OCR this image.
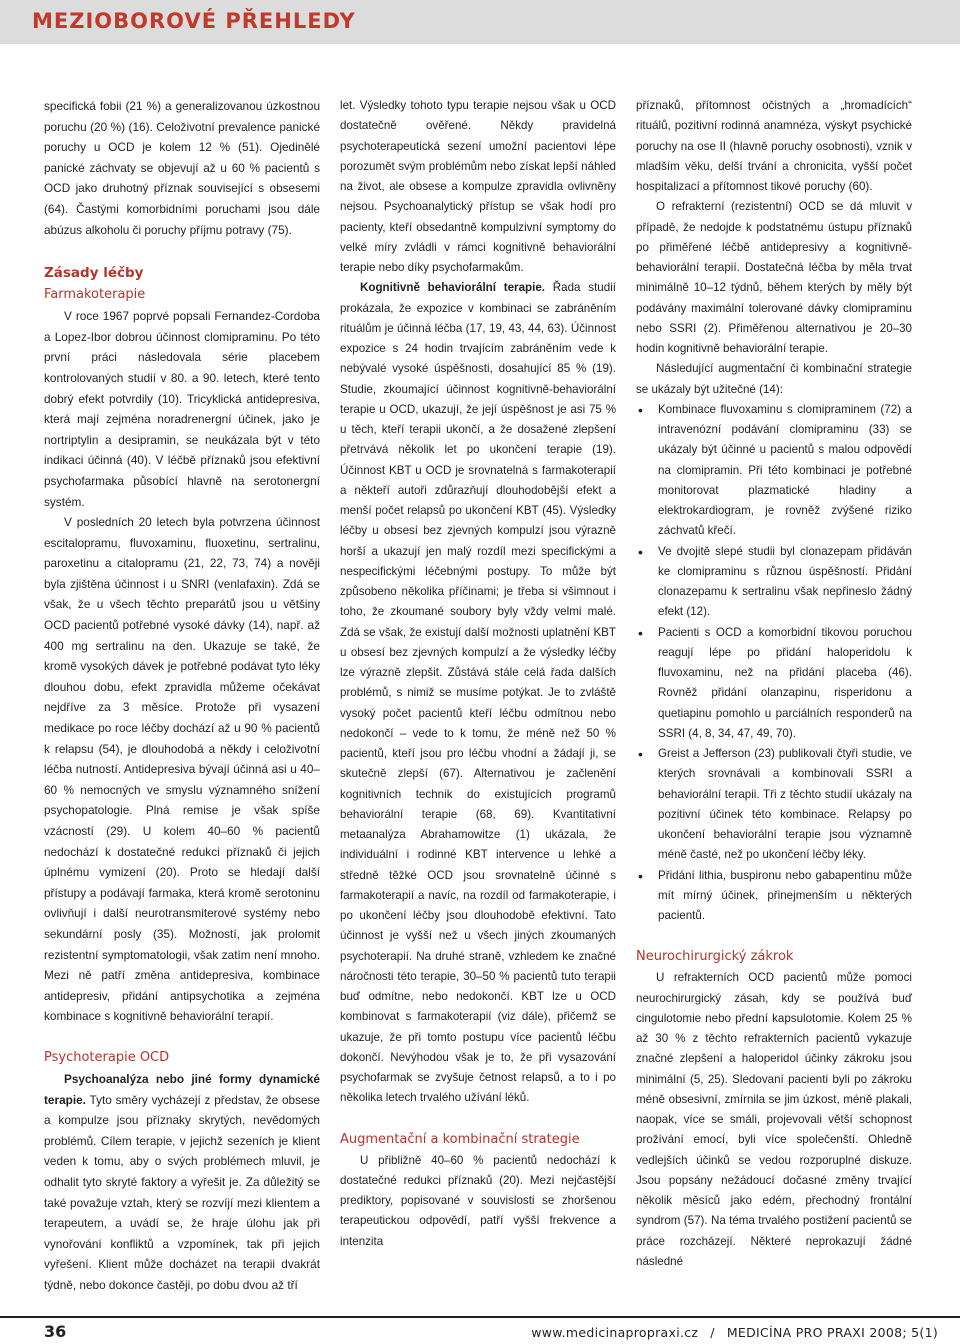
MEZIOBOROVÉ PŘEHLEDY

specifická fobii (21 %) a generalizovanou úzkostnou poruchu (20 %) (16). Celoživotní prevalence panické poruchy u OCD je kolem 12 % (51). Ojedinělé panické záchvaty se objevují až u 60 % pacientů s OCD jako druhotný příznak související s obsesemi (64). Častými komorbidními poruchami jsou dále abúzus alkoholu či poruchy příjmu potravy (75).

Zásady léčby
Farmakoterapie

V roce 1967 poprvé popsali Fernandez-Cordoba a Lopez-Ibor dobrou účinnost clomipraminu. Po této první práci následovala série placebem kontrolovaných studií v 80. a 90. letech, které tento dobrý efekt potvrdily (10). Tricyklická antidepresiva, která mají zejména noradrenergní účinek, jako je nortriptylin a desipramin, se neukázala být v této indikaci účinná (40). V léčbě příznaků jsou efektivní psychofarmaka působící hlavně na serotonergní systém.

V posledních 20 letech byla potvrzena účinnost escitalopramu, fluvoxaminu, fluoxetinu, sertralinu, paroxetinu a citalopramu (21, 22, 73, 74) a nověji byla zjištěna účinnost i u SNRI (venlafaxin). Zdá se však, že u všech těchto preparátů jsou u většiny OCD pacientů potřebné vysoké dávky (14), např. až 400 mg sertralinu na den. Ukazuje se také, že kromě vysokých dávek je potřebné podávat tyto léky dlouhou dobu, efekt zpravidla můžeme očekávat nejdříve za 3 měsíce. Protože při vysazení medikace po roce léčby dochází až u 90 % pacientů k relapsu (54), je dlouhodobá a někdy i celoživotní léčba nutností. Antidepresiva bývají účinná asi u 40–60 % nemocných ve smyslu významného snížení psychopatologie. Plná remise je však spíše vzácností (29). U kolem 40–60 % pacientů nedochází k dostatečné redukci příznaků či jejich úplnému vymizení (20). Proto se hledají další přístupy a podávají farmaka, která kromě serotoninu ovlivňují i další neurotransmiterové systémy nebo sekundární posly (35). Možností, jak prolomit rezistentní symptomatologii, však zatím není mnoho. Mezi ně patří změna antidepresiva, kombinace antidepresiv, přidání antipsychotika a zejména kombinace s kognitivně behaviorální terapií.

Psychoterapie OCD

Psychoanalýza nebo jiné formy dynamické terapie. Tyto směry vycházejí z představ, že obsese a kompulze jsou příznaky skrytých, nevědomých problémů. Cílem terapie, v jejichž sezeních je klient veden k tomu, aby o svých problémech mluvil, je odhalit tyto skryté faktory a vyřešit je. Za důležitý se také považuje vztah, který se rozvíjí mezi klientem a terapeutem, a uvádí se, že hraje úlohu jak při vynořování konfliktů a vzpomínek, tak při jejich vyřešení. Klient může docházet na terapii dvakrát týdně, nebo dokonce častěji, po dobu dvou až tří

let. Výsledky tohoto typu terapie nejsou však u OCD dostatečně ověřené. Někdy pravidelná psychoterapeutická sezení umožní pacientovi lépe porozumět svým problémům nebo získat lepší náhled na život, ale obsese a kompulze zpravidla ovlivněny nejsou. Psychoanalytický přístup se však hodí pro pacienty, kteří obsedantně kompulzivní symptomy do velké míry zvládli v rámci kognitivně behaviorální terapie nebo díky psychofarmakům.

Kognitivně behaviorální terapie. Řada studií prokázala, že expozice v kombinaci se zabráněním rituálům je účinná léčba (17, 19, 43, 44, 63). Účinnost expozice s 24 hodin trvajícím zabráněním vede k nebývalé vysoké úspěšnosti, dosahující 85 % (19). Studie, zkoumající účinnost kognitivně-behaviorální terapie u OCD, ukazují, že její úspěšnost je asi 75 % u těch, kteří terapii ukončí, a že dosažené zlepšení přetrvává několik let po ukončení terapie (19). Účinnost KBT u OCD je srovnatelná s farmakoterapií a někteří autoři zdůrazňují dlouhodobější efekt a menší počet relapsů po ukončení KBT (45). Výsledky léčby u obsesí bez zjevných kompulzí jsou výrazně horší a ukazují jen malý rozdíl mezi specifickými a nespecifickými léčebnými postupy. To může být způsobeno několika příčinami; je třeba si všimnout i toho, že zkoumané soubory byly vždy velmi malé. Zdá se však, že existují další možnosti uplatnění KBT u obsesí bez zjevných kompulzí a že výsledky léčby lze výrazně zlepšit. Zůstává stále celá řada dalších problémů, s nimiž se musíme potýkat. Je to zvláště vysoký počet pacientů kteří léčbu odmítnou nebo nedokončí – vede to k tomu, že méně než 50 % pacientů, kteří jsou pro léčbu vhodní a žádají ji, se skutečně zlepší (67). Alternativou je začlenění kognitivních technik do existujících programů behaviorální terapie (68, 69). Kvantitativní metaanalýza Abrahamowitze (1) ukázala, že individuální i rodinné KBT intervence u lehké a středně těžké OCD jsou srovnatelně účinné s farmakoterapií a navíc, na rozdíl od farmakoterapie, i po ukončení léčby jsou dlouhodobě efektivní. Tato účinnost je vyšší než u všech jiných zkoumaných psychoterapií. Na druhé straně, vzhledem ke značné náročnosti této terapie, 30–50 % pacientů tuto terapii buď odmítne, nebo nedokončí. KBT lze u OCD kombinovat s farmakoterapií (viz dále), přičemž se ukazuje, že při tomto postupu více pacientů léčbu dokončí. Nevýhodou však je to, že při vysazování psychofarmak se zvyšuje četnost relapsů, a to i po několika letech trvalého užívání léků.

Augmentační a kombinační strategie

U přibližně 40–60 % pacientů nedochází k dostatečné redukci příznaků (20). Mezi nejčastější prediktory, popisované v souvislosti se zhoršenou terapeutickou odpovědí, patří vyšší frekvence a intenzita

příznaků, přítomnost očistných a „hromadících“ rituálů, pozitivní rodinná anamnéza, výskyt psychické poruchy na ose II (hlavně poruchy osobnosti), vznik v mladším věku, delší trvání a chronicita, vyšší počet hospitalizací a přítomnost tikové poruchy (60).

O refrakterní (rezistentní) OCD se dá mluvit v případě, že nedojde k podstatnému ústupu příznaků po přiměřené léčbě antidepresivy a kognitivně-behaviorální terapií. Dostatečná léčba by měla trvat minimálně 10–12 týdnů, během kterých by měly být podávány maximální tolerované dávky clomipraminu nebo SSRI (2). Přiměřenou alternativou je 20–30 hodin kognitivně behaviorální terapie.

Následující augmentační či kombinační strategie se ukázaly být užitečné (14):

• Kombinace fluvoxaminu s clomipraminem (72) a intravenózní podávání clomipraminu (33) se ukázaly být účinné u pacientů s malou odpovědí na clomipramin. Při této kombinaci je potřebné monitorovat plazmatické hladiny a elektrokardiogram, je rovněž zvýšené riziko záchvatů křečí.
• Ve dvojitě slepé studii byl clonazepam přidáván ke clomipraminu s různou úspěšností. Přidání clonazepamu k sertralinu však nepřineslo žádný efekt (12).
• Pacienti s OCD a komorbidní tikovou poruchou reagují lépe po přidání haloperidolu k fluvoxaminu, než na přidání placeba (46). Rovněž přidání olanzapinu, risperidonu a quetiapinu pomohlo u parciálních responderů na SSRI (4, 8, 34, 47, 49, 70).
• Greist a Jefferson (23) publikovali čtyři studie, ve kterých srovnávali a kombinovali SSRI a behaviorální terapii. Tři z těchto studií ukázaly na pozitivní účinek této kombinace. Relapsy po ukončení behaviorální terapie jsou významně méně časté, než po ukončení léčby léky.
• Přidání lithia, buspironu nebo gabapentinu může mít mírný účinek, přinejmenším u některých pacientů.
Neurochirurgický zákrok

U refrakterních OCD pacientů může pomoci neurochirurgický zásah, kdy se používá buď cingulotomie nebo přední kapsulotomie. Kolem 25 % až 30 % z těchto refrakterních pacientů vykazuje značné zlepšení a haloperidol účinky zákroku jsou minimální (5, 25). Sledovaní pacienti byli po zákroku méně obsesivní, zmírnila se jim úzkost, méně plakali, naopak, více se smáli, projevovali větší schopnost prožívání emocí, byli více společenští. Ohledně vedlejších účinků se vedou rozporuplné diskuze. Jsou popsány nežádoucí dočasné změny trvající několik měsíců jako edém, přechodný frontální syndrom (57). Na téma trvalého postižení pacientů se práce rozcházejí. Některé neprokazují žádné následné

36	www.medicinapropraxi.cz / MEDICÍNA PRO PRAXI 2008; 5(1)
